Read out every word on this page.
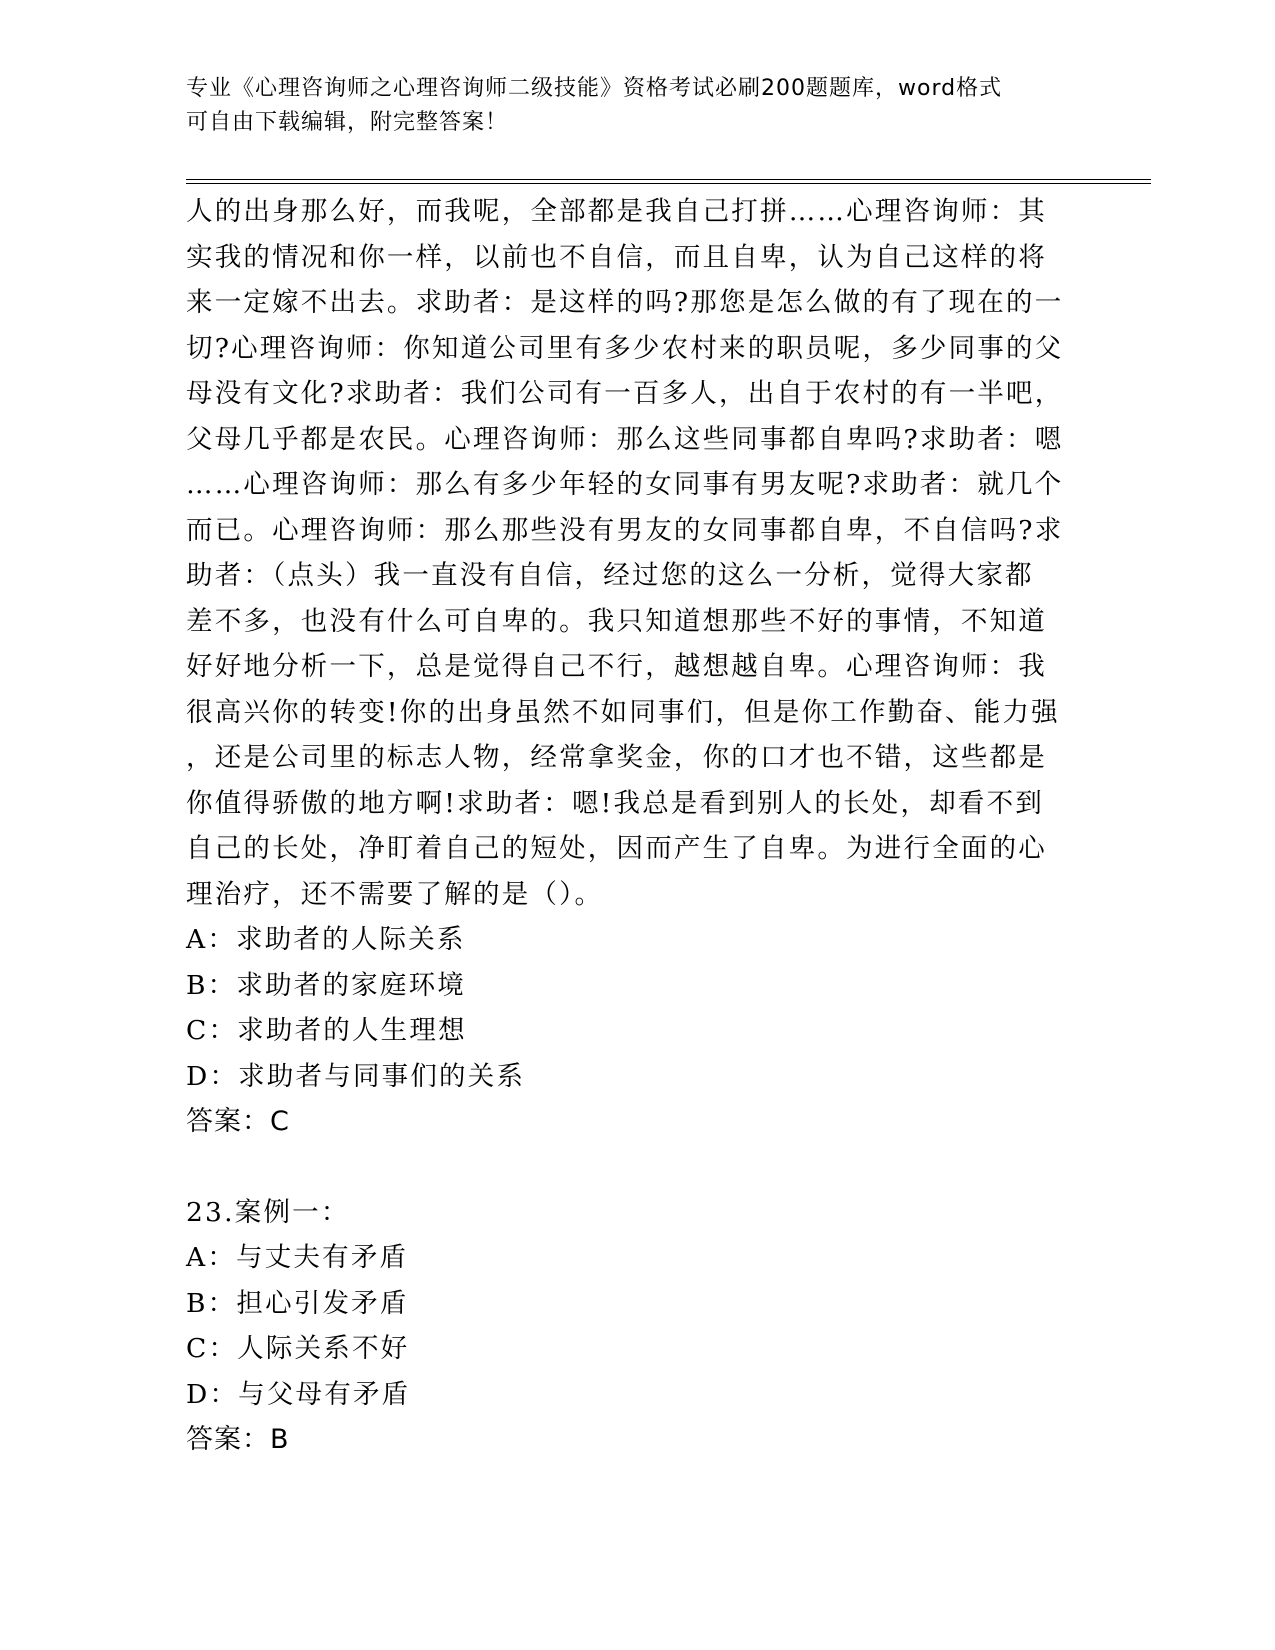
专业《心理咨询师之心理咨询师二级技能》资格考试必刷200题题库，word格式
可自由下载编辑，附完整答案！

人的出身那么好，而我呢，全部都是我自己打拼……心理咨询师：其

实我的情况和你一样，以前也不自信，而且自卑，认为自己这样的将

来一定嫁不出去。求助者：是这样的吗?那您是怎么做的有了现在的一

切?心理咨询师：你知道公司里有多少农村来的职员呢，多少同事的父

母没有文化?求助者：我们公司有一百多人，出自于农村的有一半吧，

父母几乎都是农民。心理咨询师：那么这些同事都自卑吗?求助者：嗯

……心理咨询师：那么有多少年轻的女同事有男友呢?求助者：就几个

而已。心理咨询师：那么那些没有男友的女同事都自卑，不自信吗?求

助者：（点头）我一直没有自信，经过您的这么一分析，觉得大家都

差不多，也没有什么可自卑的。我只知道想那些不好的事情，不知道

好好地分析一下，总是觉得自己不行，越想越自卑。心理咨询师：我

很高兴你的转变!你的出身虽然不如同事们，但是你工作勤奋、能力强

，还是公司里的标志人物，经常拿奖金，你的口才也不错，这些都是

你值得骄傲的地方啊!求助者：嗯!我总是看到别人的长处，却看不到

自己的长处，净盯着自己的短处，因而产生了自卑。为进行全面的心

理治疗，还不需要了解的是（）。

A：求助者的人际关系

B：求助者的家庭环境

C：求助者的人生理想

D：求助者与同事们的关系

答案：C

23.案例一：

A：与丈夫有矛盾

B：担心引发矛盾

C：人际关系不好

D：与父母有矛盾

答案：B
